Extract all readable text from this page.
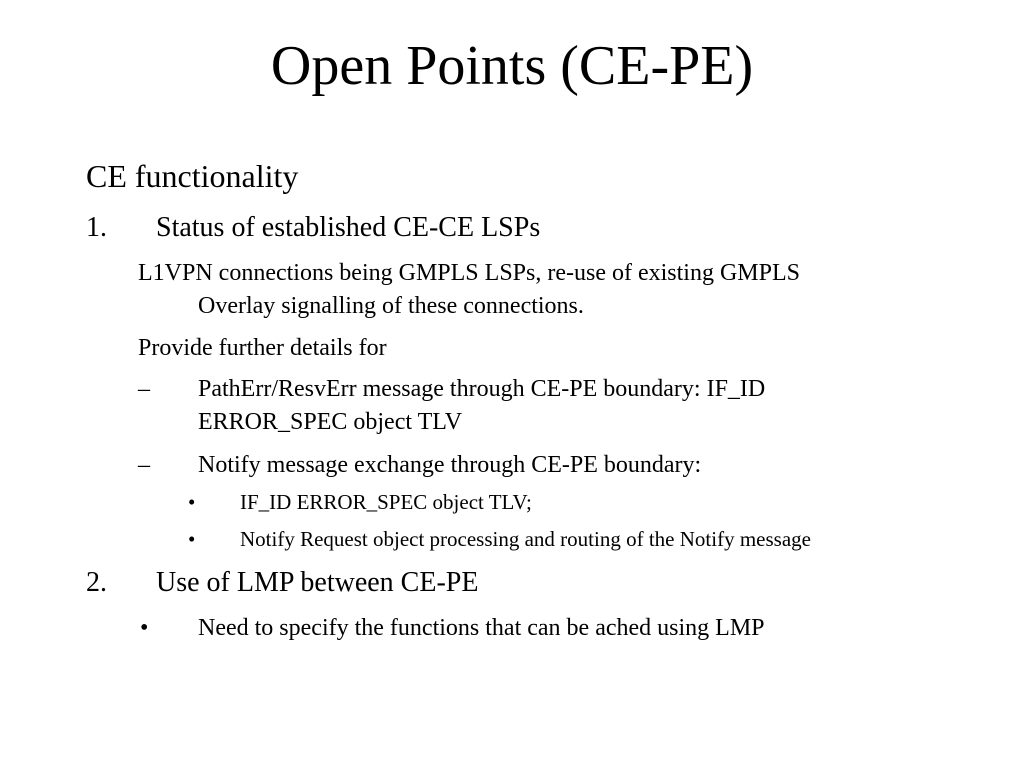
Open Points (CE-PE)
CE functionality
1. Status of established CE-CE LSPs
L1VPN connections being GMPLS LSPs, re-use of existing GMPLS
Overlay signalling of these connections.
Provide further details for
– PathErr/ResvErr message through CE-PE boundary: IF_ID
ERROR_SPEC object TLV
– Notify message exchange through CE-PE boundary:
• IF_ID ERROR_SPEC object TLV;
• Notify Request object processing and routing of the Notify message
2. Use of LMP between CE-PE
• Need to specify the functions that can be ached using LMP
